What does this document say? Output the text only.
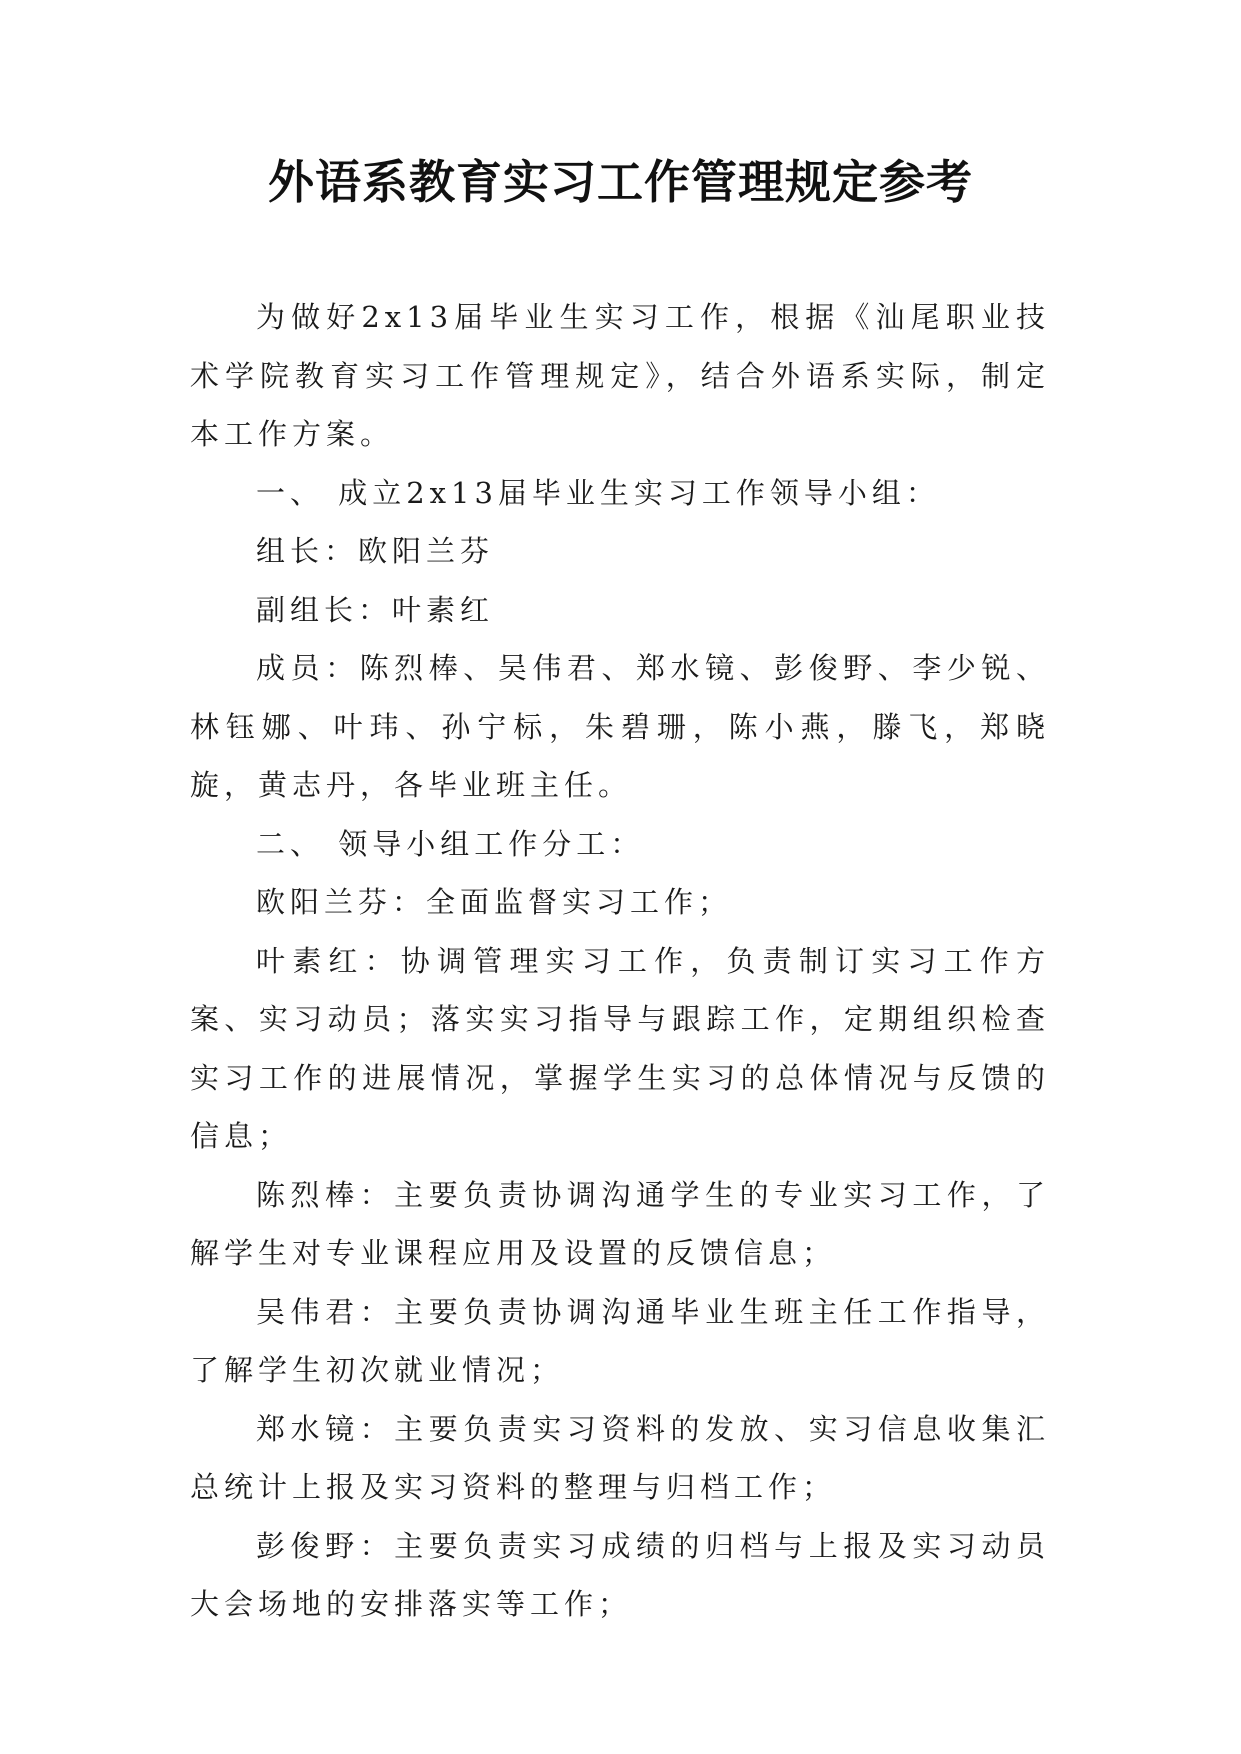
外语系教育实习工作管理规定参考

为做好2x13届毕业生实习工作，根据《汕尾职业技术学院教育实习工作管理规定》，结合外语系实际，制定本工作方案。

一、 成立2x13届毕业生实习工作领导小组：

组长：欧阳兰芬

副组长：叶素红

成员：陈烈棒、吴伟君、郑水镜、彭俊野、李少锐、林钰娜、叶玮、孙宁标，朱碧珊，陈小燕，滕飞，郑晓旋，黄志丹，各毕业班主任。

二、 领导小组工作分工：

欧阳兰芬：全面监督实习工作；

叶素红：协调管理实习工作，负责制订实习工作方案、实习动员；落实实习指导与跟踪工作，定期组织检查实习工作的进展情况，掌握学生实习的总体情况与反馈的信息；

陈烈棒：主要负责协调沟通学生的专业实习工作，了解学生对专业课程应用及设置的反馈信息；

吴伟君：主要负责协调沟通毕业生班主任工作指导，了解学生初次就业情况；

郑水镜：主要负责实习资料的发放、实习信息收集汇总统计上报及实习资料的整理与归档工作；

彭俊野：主要负责实习成绩的归档与上报及实习动员大会场地的安排落实等工作；
